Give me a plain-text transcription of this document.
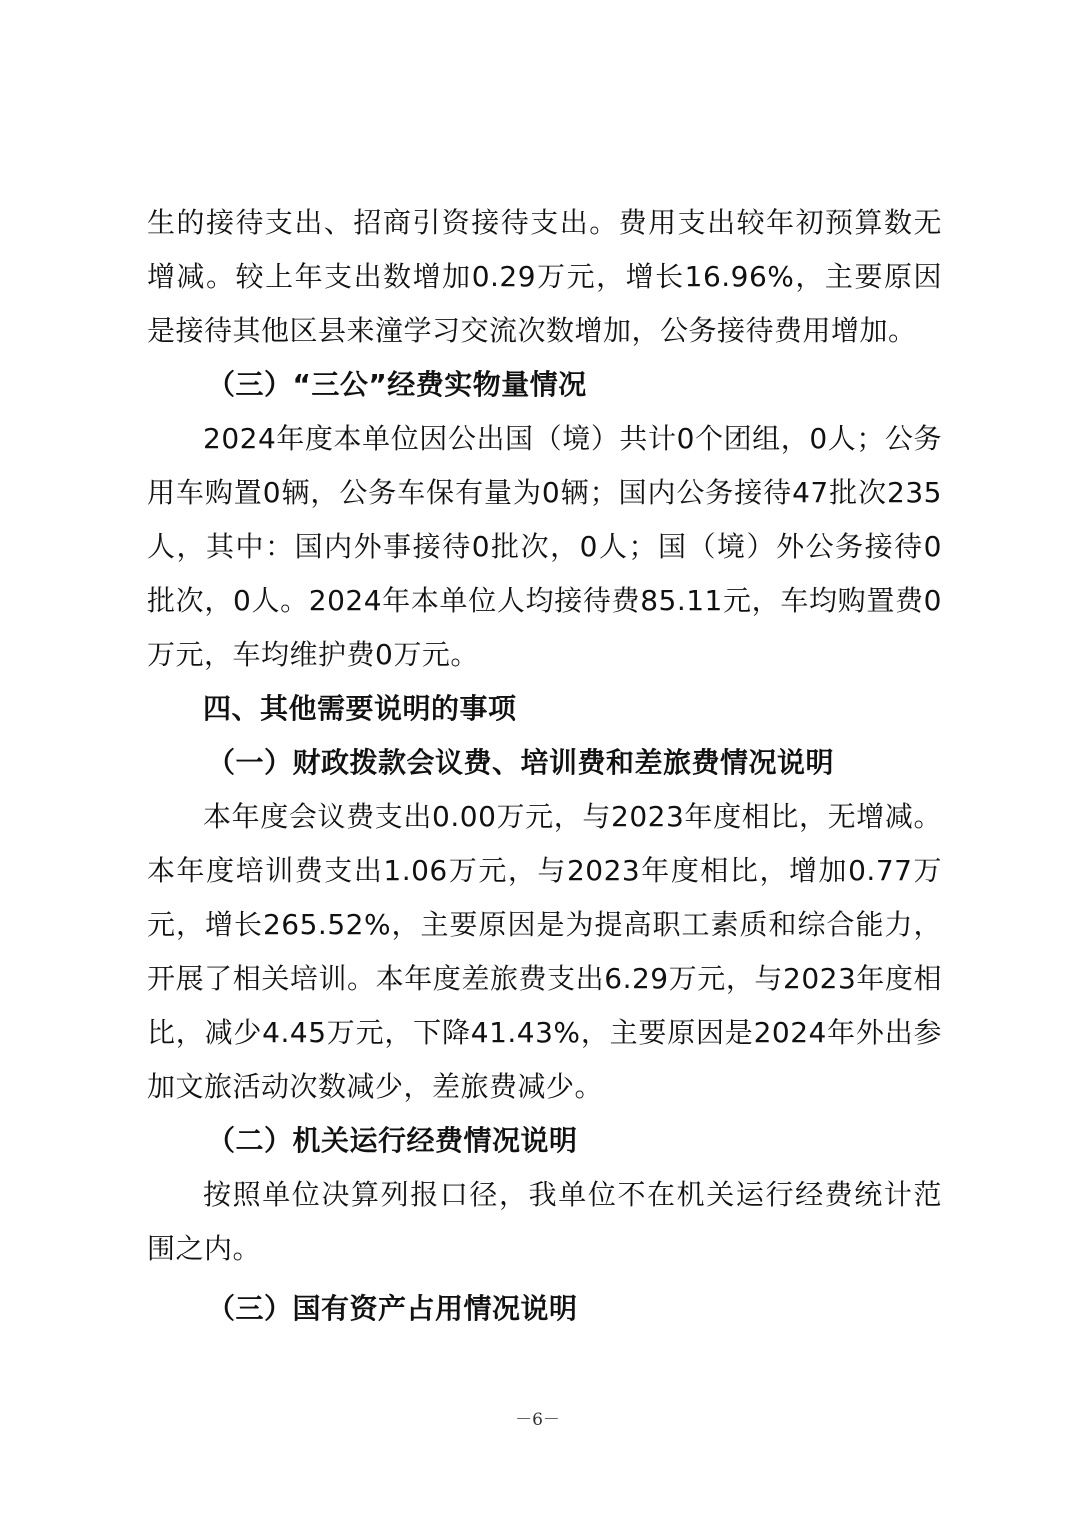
生的接待支出、招商引资接待支出。费用支出较年初预算数无增减。较上年支出数增加0.29万元，增长16.96%，主要原因是接待其他区县来潼学习交流次数增加，公务接待费用增加。

（三）“三公”经费实物量情况

2024年度本单位因公出国（境）共计0个团组，0人；公务用车购置0辆，公务车保有量为0辆；国内公务接待47批次235人，其中：国内外事接待0批次，0人；国（境）外公务接待0批次，0人。2024年本单位人均接待费85.11元，车均购置费0万元，车均维护费0万元。

四、其他需要说明的事项

（一）财政拨款会议费、培训费和差旅费情况说明

本年度会议费支出0.00万元，与2023年度相比，无增减。本年度培训费支出1.06万元，与2023年度相比，增加0.77万元，增长265.52%，主要原因是为提高职工素质和综合能力，开展了相关培训。本年度差旅费支出6.29万元，与2023年度相比，减少4.45万元，下降41.43%，主要原因是2024年外出参加文旅活动次数减少，差旅费减少。

（二）机关运行经费情况说明

按照单位决算列报口径，我单位不在机关运行经费统计范围之内。

（三）国有资产占用情况说明

－6－
